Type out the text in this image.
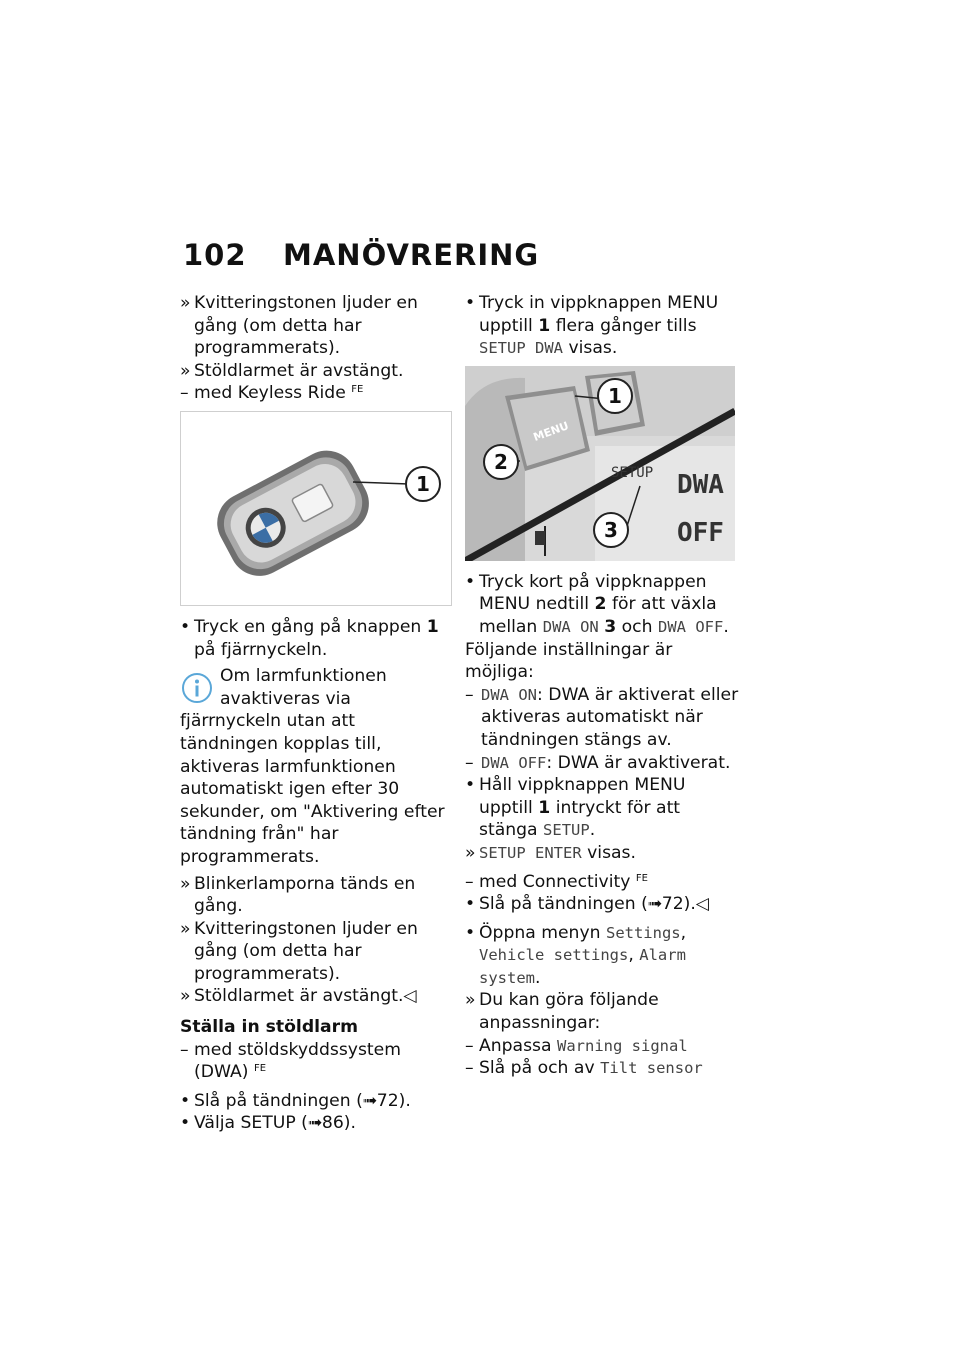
102 MANÖVRERING
» Kvitteringstonen ljuder en gång (om detta har programmerats).
» Stöldlarmet är avstängt.
– med Keyless Ride $^{FE}$
1
• Tryck en gång på knappen 1 på fjärrnyckeln.
Om larmfunktionen avaktiveras via fjärrnyckeln utan att tändningen kopplas till, aktiveras larmfunktionen automatiskt igen efter 30 sekunder, om "Aktivering efter tändning från" har programmerats.
» Blinkerlamporna tänds en gång.
» Kvitteringstonen ljuder en gång (om detta har programmerats).
» Stöldlarmet är avstängt.◁
Ställa in stöldlarm
– med stöldskyddssystem (DWA) $^{FE}$
• Slå på tändningen (➟72).
• Välja SETUP (➟86).
• Tryck in vippknappen MENU upptill 1 flera gånger tills SETUP DWA visas.
MENU
SETUP DWA
OFF
1
2
3
• Tryck kort på vippknappen MENU nedtill 2 för att växla mellan DWA ON 3 och DWA OFF.
Följande inställningar är möjliga:
– DWA ON: DWA är aktiverat eller aktiveras automatiskt när tändningen stängs av.
– DWA OFF: DWA är avaktiverat.
• Håll vippknappen MENU upptill 1 intryckt för att stänga SETUP.
» SETUP ENTER visas.
– med Connectivity $^{FE}$
• Slå på tändningen (➟72).◁
• Öppna menyn Settings, Vehicle settings, Alarm system.
» Du kan göra följande anpassningar:
– Anpassa Warning signal
– Slå på och av Tilt sensor
